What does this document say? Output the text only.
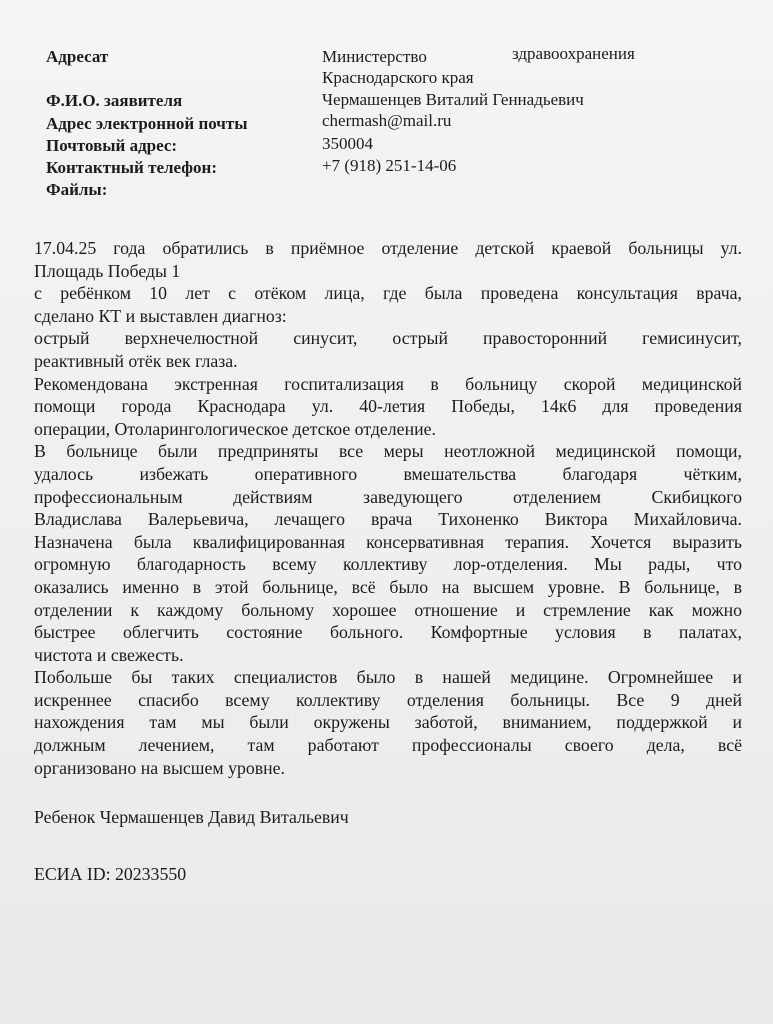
Адресат	Министерство	здравоохранения
Краснодарского края
Ф.И.О. заявителя	Чермашенцев Виталий Геннадьевич
Адрес электронной почты	chermash@mail.ru
Почтовый адрес:	350004
Контактный телефон:	+7 (918) 251-14-06
Файлы:
17.04.25 года обратились в приёмное отделение детской краевой больницы ул.
Площадь Победы 1
с ребёнком 10 лет с отёком лица, где была проведена консультация врача,
сделано КТ и выставлен диагноз:
острый верхнечелюстной синусит, острый правосторонний гемисинусит,
реактивный отёк век глаза.
Рекомендована экстренная госпитализация в больницу скорой медицинской
помощи города Краснодара ул. 40-летия Победы, 14к6 для проведения
операции, Отоларингологическое детское отделение.
В больнице были предприняты все меры неотложной медицинской помощи,
удалось избежать оперативного вмешательства благодаря чётким,
профессиональным действиям заведующего отделением Скибицкого
Владислава Валерьевича, лечащего врача Тихоненко Виктора Михайловича.
Назначена была квалифицированная консервативная терапия. Хочется выразить
огромную благодарность всему коллективу лор-отделения. Мы рады, что
оказались именно в этой больнице, всё было на высшем уровне. В больнице, в
отделении к каждому больному хорошее отношение и стремление как можно
быстрее облегчить состояние больного. Комфортные условия в палатах,
чистота и свежесть.
Побольше бы таких специалистов было в нашей медицине. Огромнейшее и
искреннее спасибо всему коллективу отделения больницы. Все 9 дней
нахождения там мы были окружены заботой, вниманием, поддержкой и
должным лечением, там работают профессионалы своего дела, всё
организовано на высшем уровне.
Ребенок Чермашенцев Давид Витальевич
ЕСИА ID: 20233550
